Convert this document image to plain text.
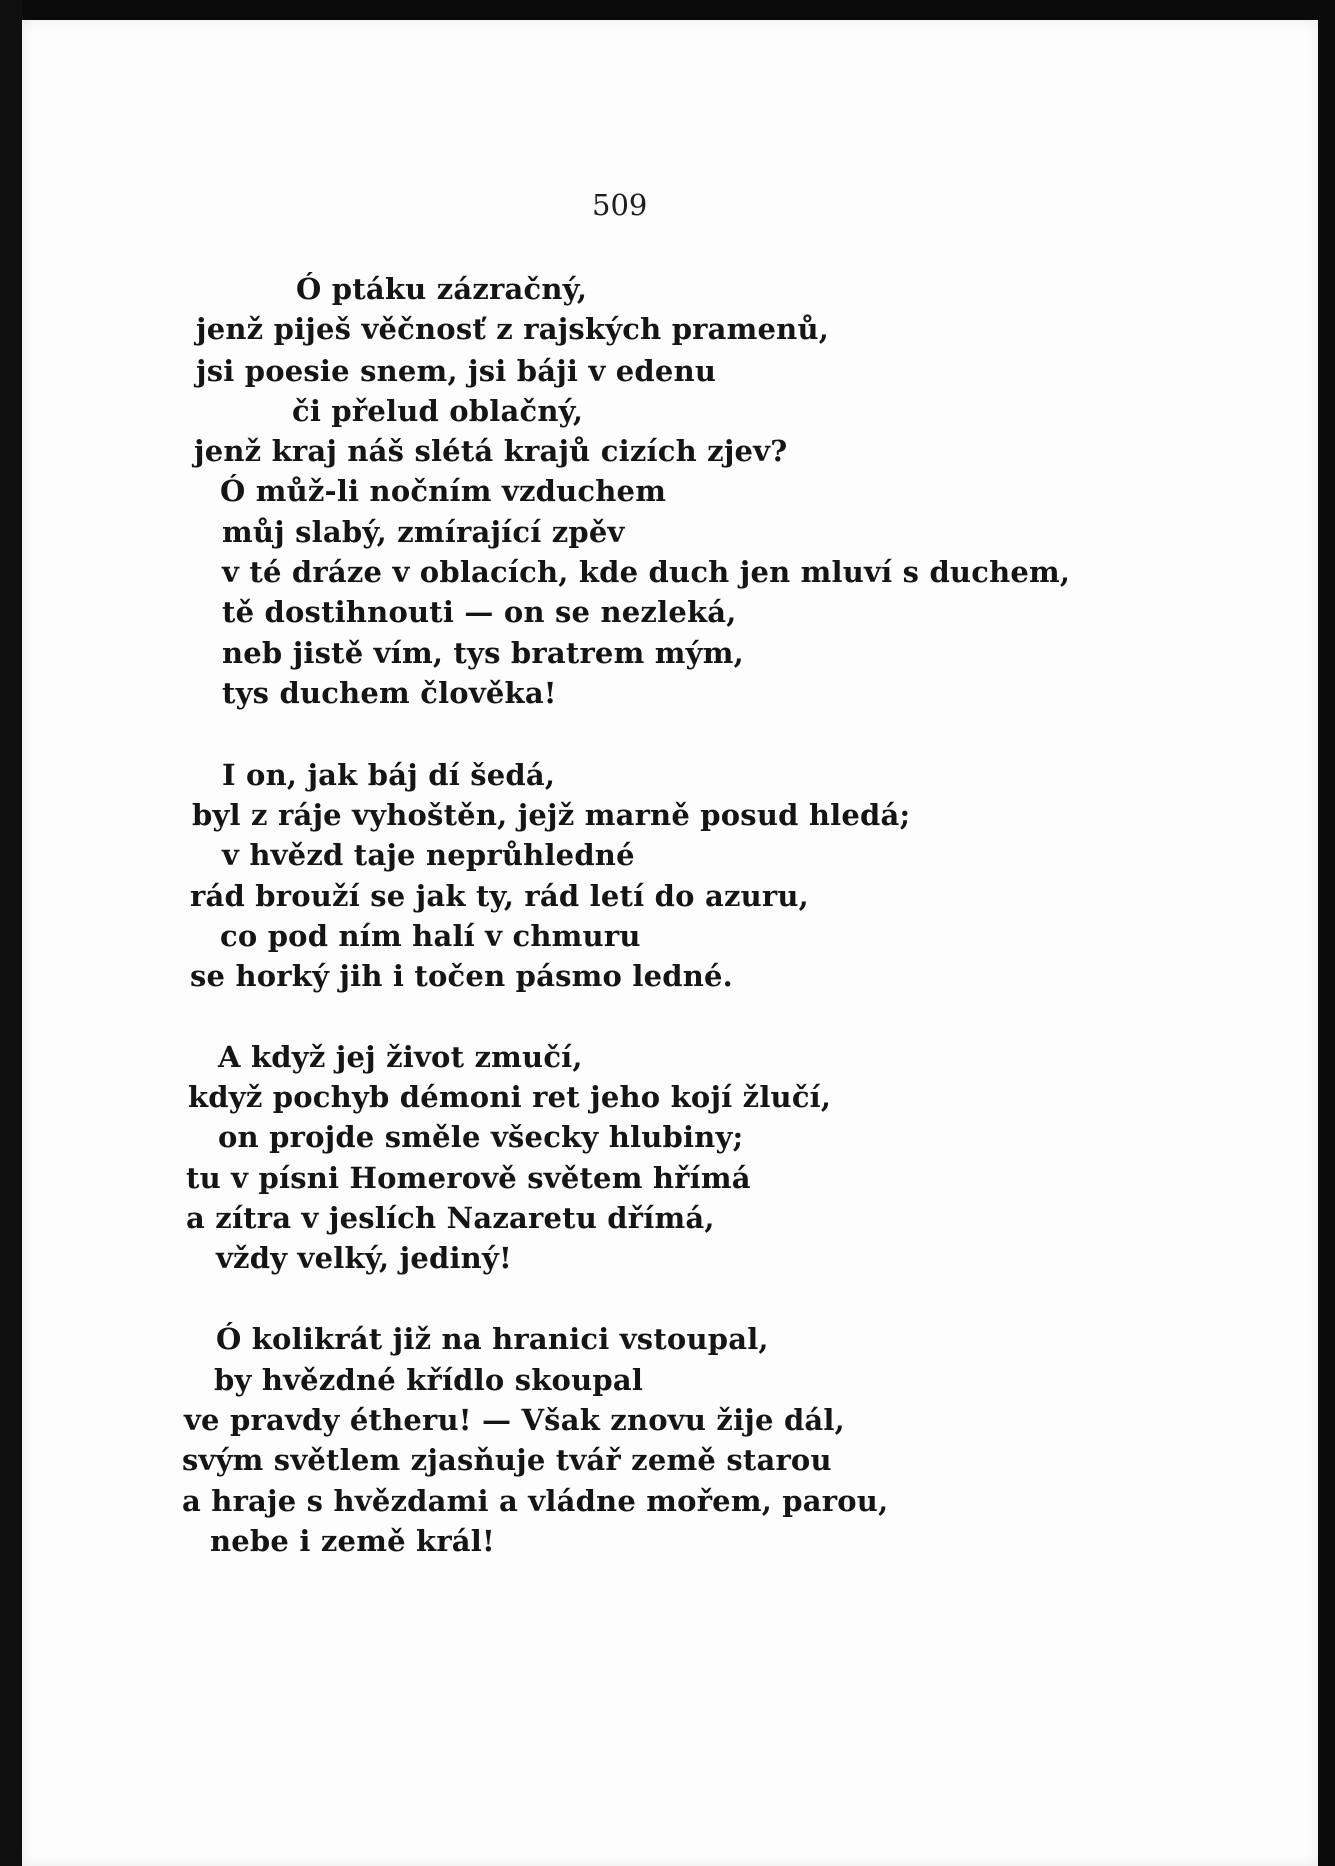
509
Ó ptáku zázračný,
jenž piješ věčnosť z rajských pramenů,
jsi poesie snem, jsi báji v edenu
či přelud oblačný,
jenž kraj náš slétá krajů cizích zjev?
Ó můž-li nočním vzduchem
můj slabý, zmírající zpěv
v té dráze v oblacích, kde duch jen mluví s duchem,
tě dostihnouti — on se nezleká,
neb jistě vím, tys bratrem mým,
tys duchem člověka!
I on, jak báj dí šedá,
byl z ráje vyhoštěn, jejž marně posud hledá;
v hvězd taje neprůhledné
rád brouží se jak ty, rád letí do azuru,
co pod ním halí v chmuru
se horký jih i točen pásmo ledné.
A když jej život zmučí,
když pochyb démoni ret jeho kojí žlučí,
on projde směle všecky hlubiny;
tu v písni Homerově světem hřímá
a zítra v jeslích Nazaretu dřímá,
vždy velký, jediný!
Ó kolikrát již na hranici vstoupal,
by hvězdné křídlo skoupal
ve pravdy étheru! — Však znovu žije dál,
svým světlem zjasňuje tvář země starou
a hraje s hvězdami a vládne mořem, parou,
nebe i země král!
